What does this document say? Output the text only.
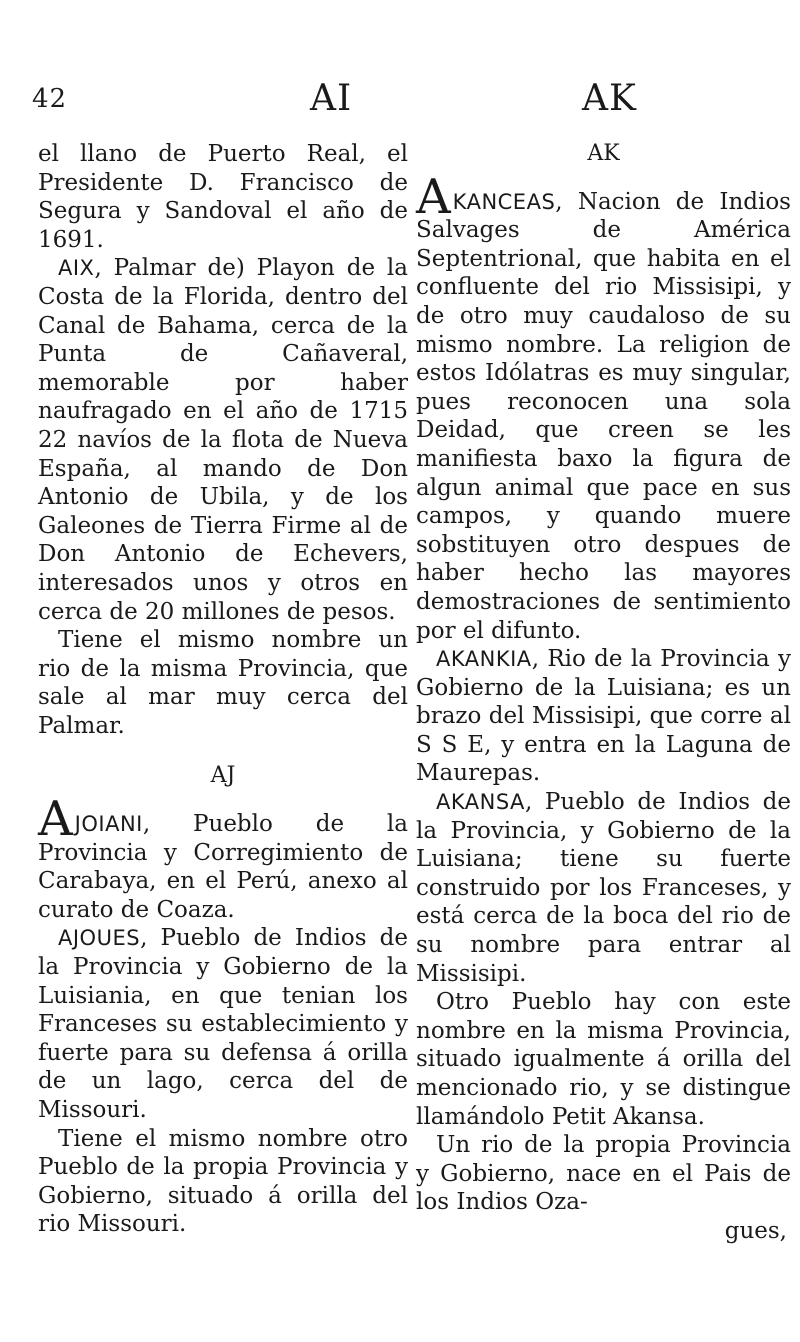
42	AI	AK

el llano de Puerto Real, el Presidente D. Francisco de Segura y Sandoval el año de 1691.

AIX, Palmar de) Playon de la Costa de la Florida, dentro del Canal de Bahama, cerca de la Punta de Cañaveral, memorable por haber naufragado en el año de 1715 22 navíos de la flota de Nueva España, al mando de Don Antonio de Ubila, y de los Galeones de Tierra Firme al de Don Antonio de Echevers, interesados unos y otros en cerca de 20 millones de pesos.

Tiene el mismo nombre un rio de la misma Provincia, que sale al mar muy cerca del Palmar.

AJ

AJOIANI, Pueblo de la Provincia y Corregimiento de Carabaya, en el Perú, anexo al curato de Coaza.

AJOUES, Pueblo de Indios de la Provincia y Gobierno de la Luisiania, en que tenian los Franceses su establecimiento y fuerte para su defensa á orilla de un lago, cerca del de Missouri.

Tiene el mismo nombre otro Pueblo de la propia Provincia y Gobierno, situado á orilla del rio Missouri.

AK

AKANCEAS, Nacion de Indios Salvages de América Septentrional, que habita en el confluente del rio Missisipi, y de otro muy caudaloso de su mismo nombre. La religion de estos Idólatras es muy singular, pues reconocen una sola Deidad, que creen se les manifiesta baxo la figura de algun animal que pace en sus campos, y quando muere sobstituyen otro despues de haber hecho las mayores demostraciones de sentimiento por el difunto.

AKANKIA, Rio de la Provincia y Gobierno de la Luisiana; es un brazo del Missisipi, que corre al S S E, y entra en la Laguna de Maurepas.

AKANSA, Pueblo de Indios de la Provincia, y Gobierno de la Luisiana; tiene su fuerte construido por los Franceses, y está cerca de la boca del rio de su nombre para entrar al Missisipi.

Otro Pueblo hay con este nombre en la misma Provincia, situado igualmente á orilla del mencionado rio, y se distingue llamándolo Petit Akansa.

Un rio de la propia Provincia y Gobierno, nace en el Pais de los Indios Oza-

gues,
